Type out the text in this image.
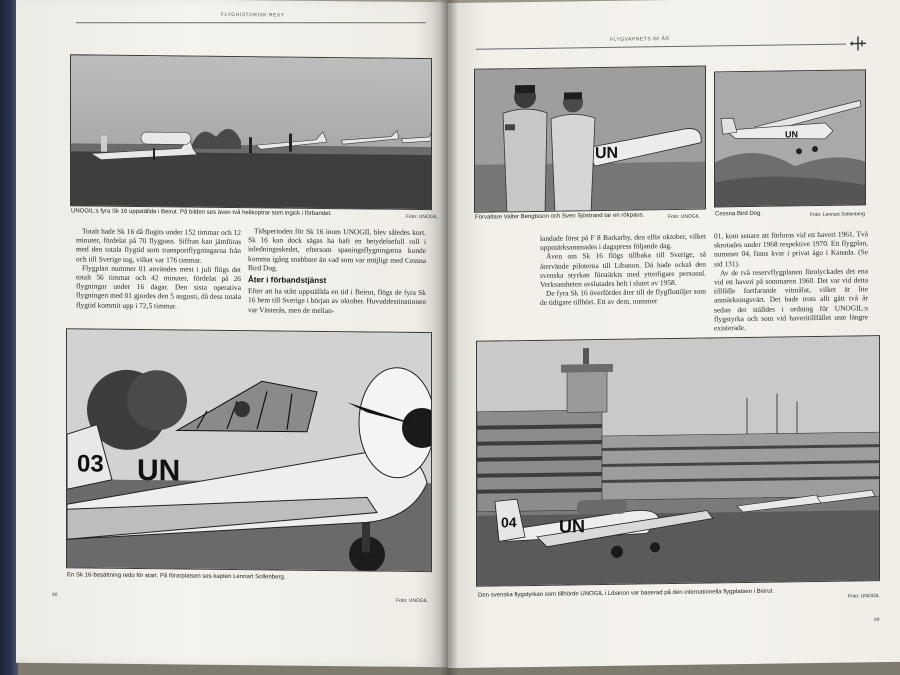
FLYGHISTORISK REVY
UNOGIL:s fyra Sk 16 uppställda i Beirut. På bilden ses även två helikoptrar som ingick i förbandet.	Foto: UNOGIL

Totalt hade Sk 16 då flugits under 152 timmar och 12 minuter, fördelat på 70 flygpass. Siffran kan jämföras med den totala flygtid som transportflygningarna från och till Sverige tog, vilket var 176 timmar.

Flygplan nummer 01 användes mest i juli flögs det totalt 56 timmar och 42 minuter, fördelat på 26 flygningar under 16 dagar. Den sista operativa flygningen med 01 gjordes den 5 augusti, då dess totala flygtid kommit upp i 72,5 timmar.

Tidsperioden för Sk 16 inom UNOGIL blev således kort. Sk 16 kan dock sägas ha haft en betydelsefull roll i inledningsskedet, eftersom spaningsflygningarna kunde komma igång snabbare än vad som var möjligt med Cessna Bird Dog.

Åter i förbandstjänst

Efter att ha stått uppställda en tid i Beirut, flögs de fyra Sk 16 hem till Sverige i början av oktober. Huvuddestinationen var Västerås, men de mellan-

03 UN
En Sk 16-besättning redo för start. På förarplatsen ses kapten Lennart Sollenberg.
Foto: UNOGIL
98
FLYGVAPNETS 80 ÅR
UN
Förvaltare Valter Bengtsson och Sven Sjöstrand tar en rökpaus.	Foto: UNOGIL
UN
Cessna Bird Dog.	Foto: Lennart Sollenberg

landade först på F 8 Barkarby, den elfte oktober, vilket uppmärksammades i dagspress följande dag.

Även om Sk 16 flögs tillbaka till Sverige, så återvände piloterna till Libanon. Då hade också den svenska styrkan förstärkts med ytterligare personal. Verksamheten avslutades helt i slutet av 1958.

De fyra Sk 16 överfördes åter till de flygflottiljer som de tidigare tillhört. Ett av dem, nummer

01, kom senare att förloras vid ett haveri 1961. Två skrotades under 1968 respektive 1970. Ett flygplan, nummer 04, finns kvar i privat ägo i Kanada. (Se sid 131).

Av de två reservflygplanen förolyckades det ena vid ett haveri på sommaren 1960. Det var vid detta tillfälle fortfarande vitmålat, vilket är lite anmärkningsvärt. Det bade trots allt gått två år sedan det ställdes i ordning för UNOGIL:s flygstyrka och som vid haveritillfället uste längre existerade.

04 UN
Den svenska flygstyrkan som tillhörde UNOGIL i Libanon var baserad på den internationella flygplatsen i Beirut.	Foto: UNOGIL
99
